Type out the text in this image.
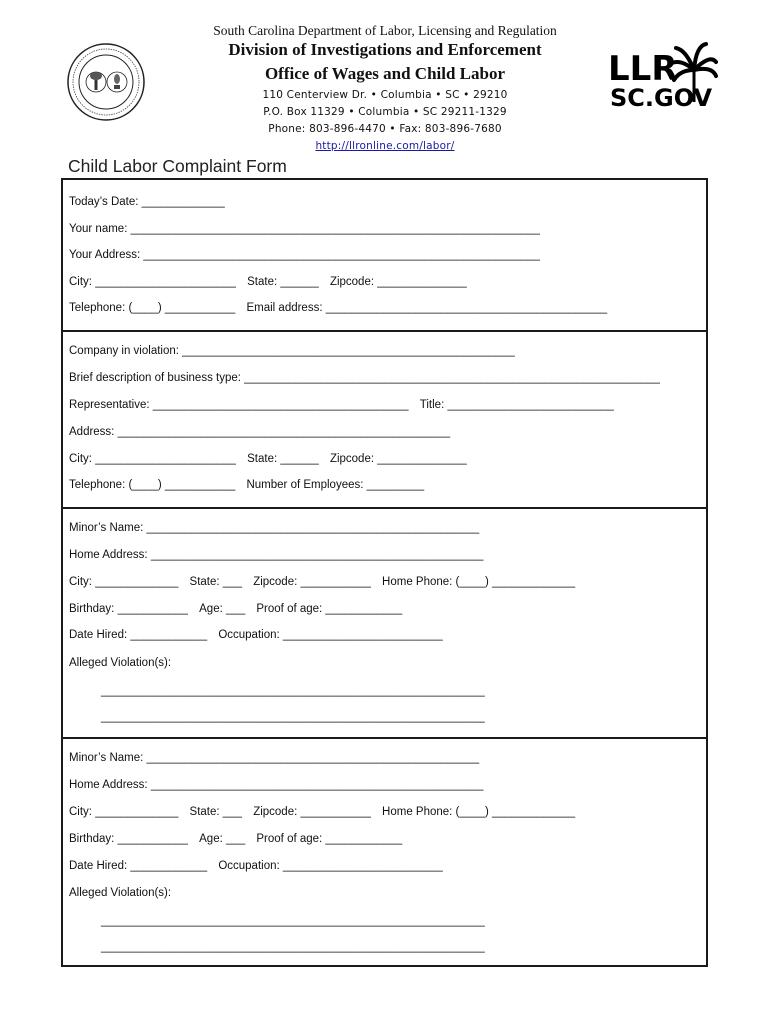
South Carolina Department of Labor, Licensing and Regulation
Division of Investigations and Enforcement
Office of Wages and Child Labor
110 Centerview Dr. • Columbia • SC • 29210
P.O. Box 11329 • Columbia • SC 29211-1329
Phone: 803-896-4470 • Fax: 803-896-7680
http://llronline.com/labor/
LLR
SC.GOV
Child Labor Complaint Form
Today’s Date: _____________
Your name: ________________________________________________________________
Your Address: ______________________________________________________________
City: ______________________ State: ______ Zipcode: ______________
Telephone: (____) ___________ Email address: ____________________________________________
Company in violation: ____________________________________________________
Brief description of business type: _________________________________________________________________
Representative: ________________________________________ Title: __________________________
Address: ____________________________________________________
City: ______________________ State: ______ Zipcode: ______________
Telephone: (____) ___________ Number of Employees: _________
Minor’s Name: ____________________________________________________
Home Address: ____________________________________________________
City: _____________ State: ___ Zipcode: ___________ Home Phone: (____) _____________
Birthday: ___________ Age: ___ Proof of age: ____________
Date Hired: ____________ Occupation: _________________________
Alleged Violation(s):
____________________________________________________________
____________________________________________________________
Minor’s Name: ____________________________________________________
Home Address: ____________________________________________________
City: _____________ State: ___ Zipcode: ___________ Home Phone: (____) _____________
Birthday: ___________ Age: ___ Proof of age: ____________
Date Hired: ____________ Occupation: _________________________
Alleged Violation(s):
____________________________________________________________
____________________________________________________________
